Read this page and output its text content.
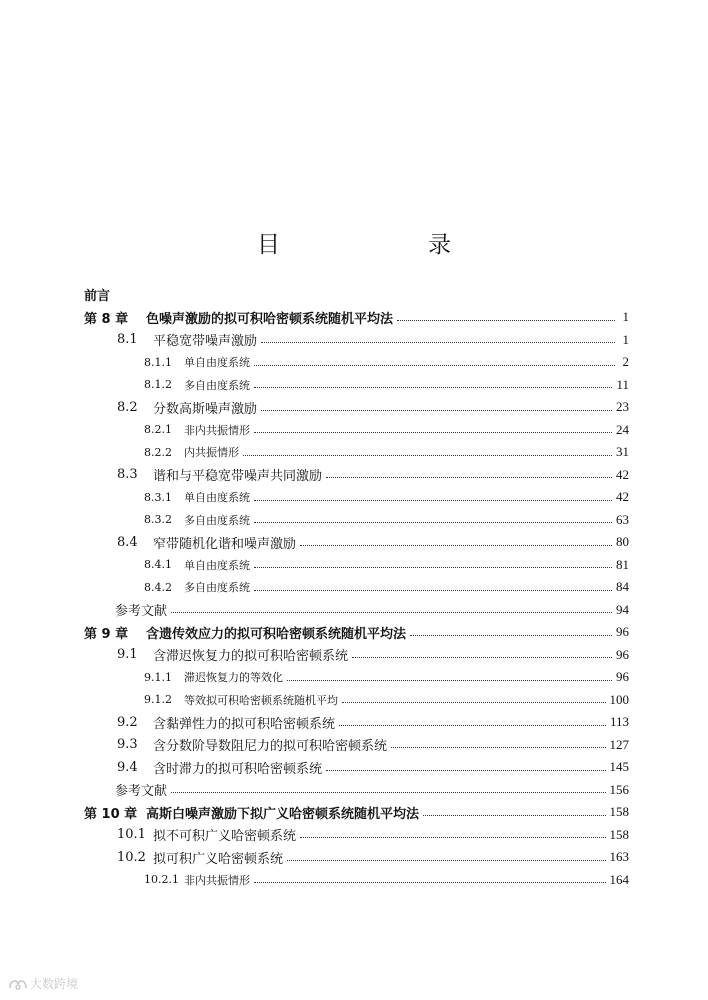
目　　录
前言
第 8 章	色噪声激励的拟可积哈密顿系统随机平均法	1
8.1	平稳宽带噪声激励	1
8.1.1	单自由度系统	2
8.1.2	多自由度系统	11
8.2	分数高斯噪声激励	23
8.2.1	非内共振情形	24
8.2.2	内共振情形	31
8.3	谐和与平稳宽带噪声共同激励	42
8.3.1	单自由度系统	42
8.3.2	多自由度系统	63
8.4	窄带随机化谐和噪声激励	80
8.4.1	单自由度系统	81
8.4.2	多自由度系统	84
参考文献	94
第 9 章	含遗传效应力的拟可积哈密顿系统随机平均法	96
9.1	含滞迟恢复力的拟可积哈密顿系统	96
9.1.1	滞迟恢复力的等效化	96
9.1.2	等效拟可积哈密顿系统随机平均	100
9.2	含黏弹性力的拟可积哈密顿系统	113
9.3	含分数阶导数阻尼力的拟可积哈密顿系统	127
9.4	含时滞力的拟可积哈密顿系统	145
参考文献	156
第 10 章 高斯白噪声激励下拟广义哈密顿系统随机平均法	158
10.1 拟不可积广义哈密顿系统	158
10.2 拟可积广义哈密顿系统	163
10.2.1 非内共振情形	164
大数跨境
